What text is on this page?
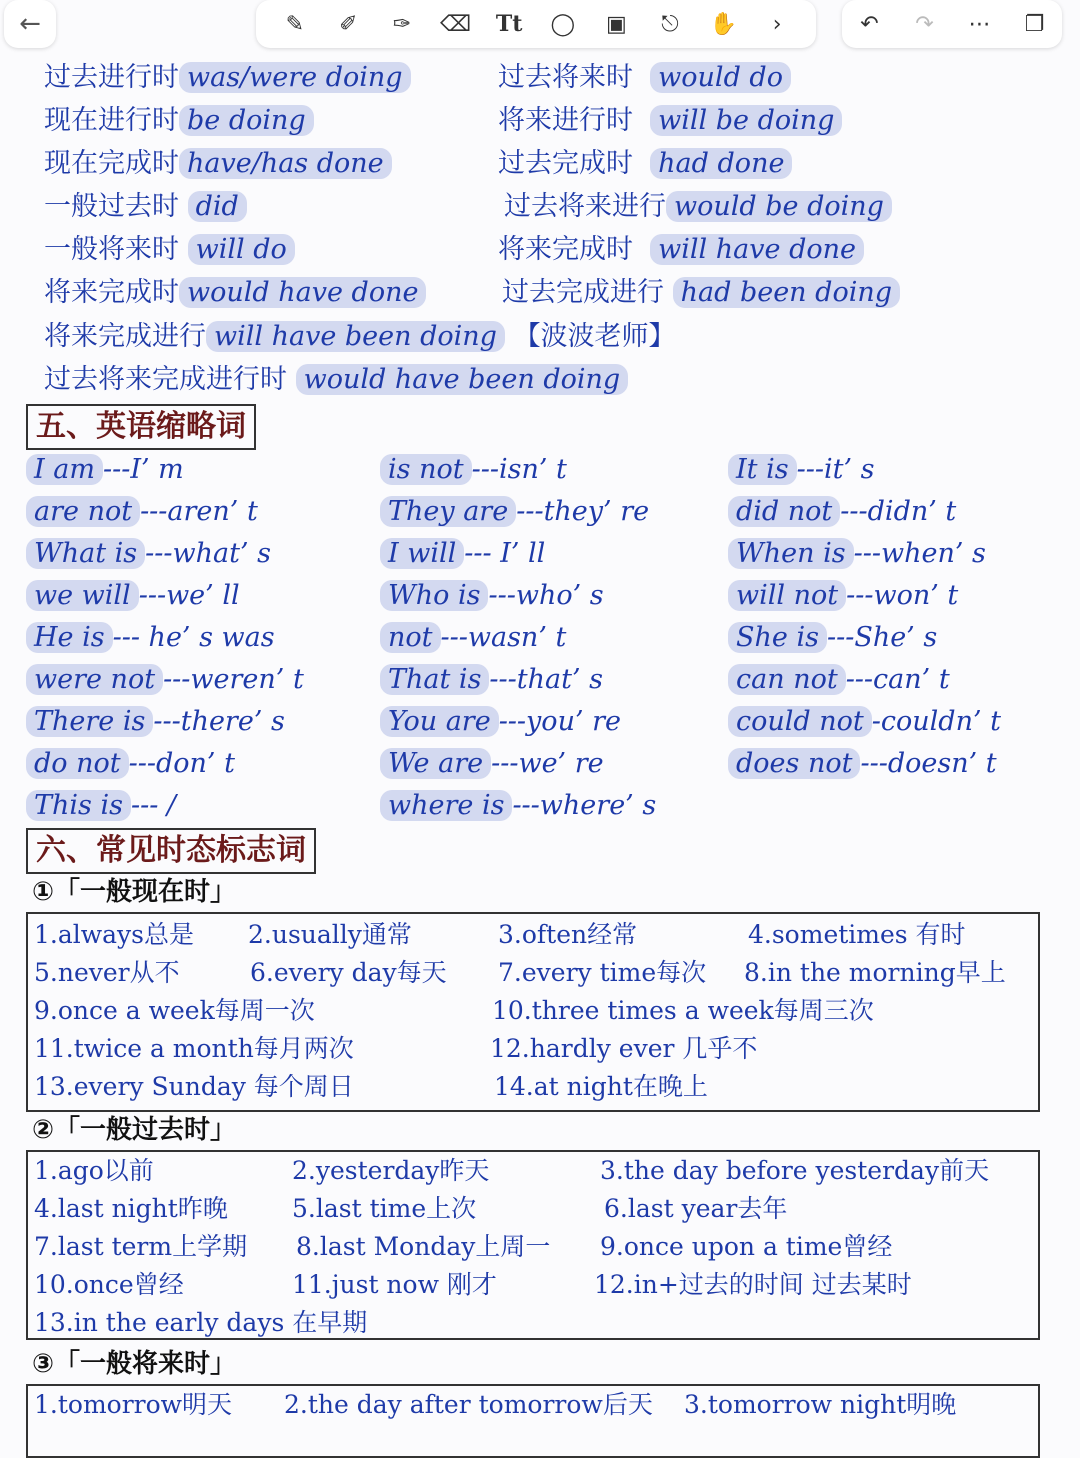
过去进行时 was/were doing	过去将来时 would do
现在进行时 be doing	将来进行时 will be doing
现在完成时 have/has done	过去完成时 had done
一般过去时 did	过去将来进行 would be doing
一般将来时 will do	将来完成时 will have done
将来完成时 would have done	过去完成进行 had been doing
将来完成进行 will have been doing 【波波老师】
过去将来完成进行时 would have been doing
五、英语缩略词
I am ---I’ m	is not ---isn’ t	It is ---it’ s
are not ---aren’ t	They are ---they’ re	did not ---didn’ t
What is ---what’ s	I will --- I’ ll	When is ---when’ s
we will ---we’ ll	Who is ---who’ s	will not ---won’ t
He is --- he’ s was	not ---wasn’ t	She is ---She’ s
were not ---weren’ t	That is ---that’ s	can not ---can’ t
There is ---there’ s	You are ---you’ re	could not -couldn’ t
do not ---don’ t	We are ---we’ re	does not ---doesn’ t
This is --- /	where is ---where’ s
六、常见时态标志词
①「一般现在时」
1.always总是 2.usually通常	3.often经常	4.sometimes 有时
5.never从不	6.every day每天 7.every time每次 8.in the morning早上
9.once a week每周一次	10.three times a week每周三次
11.twice a month每月两次	12.hardly ever 几乎不
13.every Sunday 每个周日	14.at night在晚上
②「一般过去时」
1.ago以前	2.yesterday昨天	3.the day before yesterday前天
4.last night昨晚	5.last time上次	6.last year去年
7.last term上学期 8.last Monday上周一 9.once upon a time曾经
10.once曾经	11.just now 刚才	12.in+过去的时间 过去某时
13.in the early days 在早期
③「一般将来时」
1.tomorrow明天 2.the day after tomorrow后天 3.tomorrow night明晚
←	✎	✐	✑	⌫	Tt	◯	▣	⎋	✋	›	↶	↷	⋯	❐
